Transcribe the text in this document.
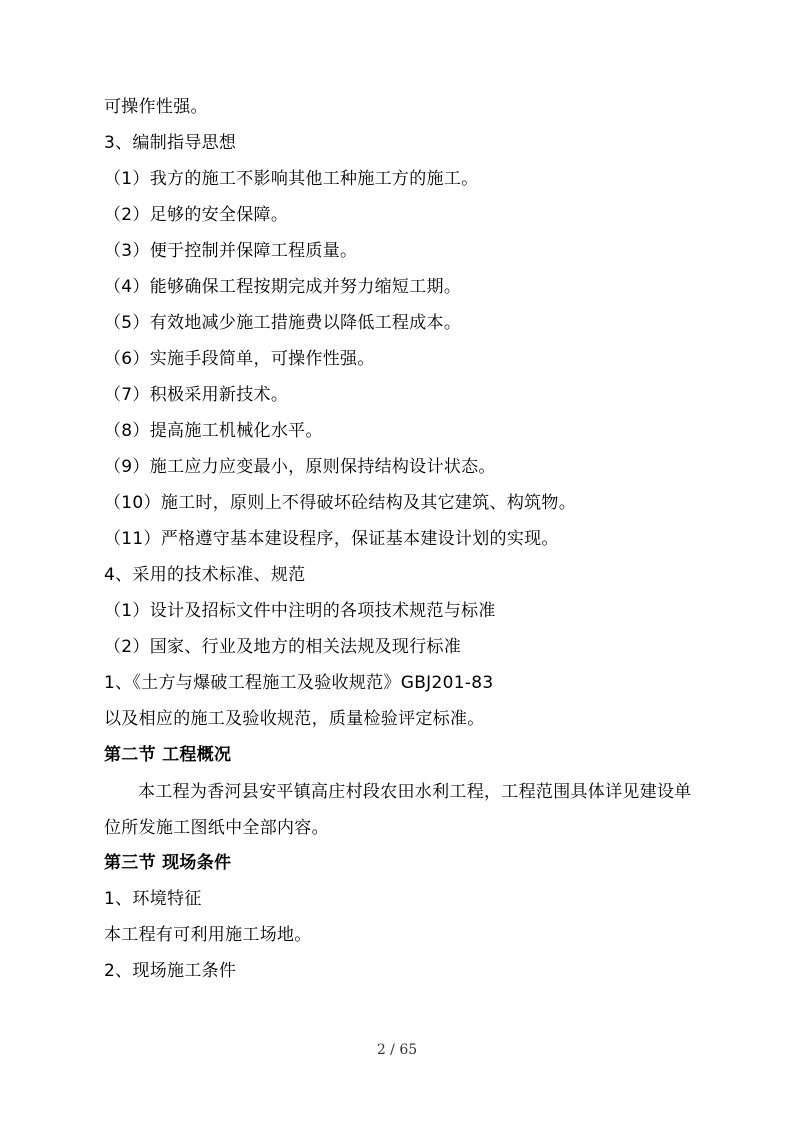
可操作性强。
3、编制指导思想
（1）我方的施工不影响其他工种施工方的施工。
（2）足够的安全保障。
（3）便于控制并保障工程质量。
（4）能够确保工程按期完成并努力缩短工期。
（5）有效地减少施工措施费以降低工程成本。
（6）实施手段简单，可操作性强。
（7）积极采用新技术。
（8）提高施工机械化水平。
（9）施工应力应变最小，原则保持结构设计状态。
（10）施工时，原则上不得破坏砼结构及其它建筑、构筑物。
（11）严格遵守基本建设程序，保证基本建设计划的实现。
4、采用的技术标准、规范
（1）设计及招标文件中注明的各项技术规范与标准
（2）国家、行业及地方的相关法规及现行标准
1、《土方与爆破工程施工及验收规范》GBJ201-83
以及相应的施工及验收规范，质量检验评定标准。
第二节 工程概况
本工程为香河县安平镇高庄村段农田水利工程，工程范围具体详见建设单位所发施工图纸中全部内容。
第三节 现场条件
1、环境特征
本工程有可利用施工场地。
2、现场施工条件
2 / 65
